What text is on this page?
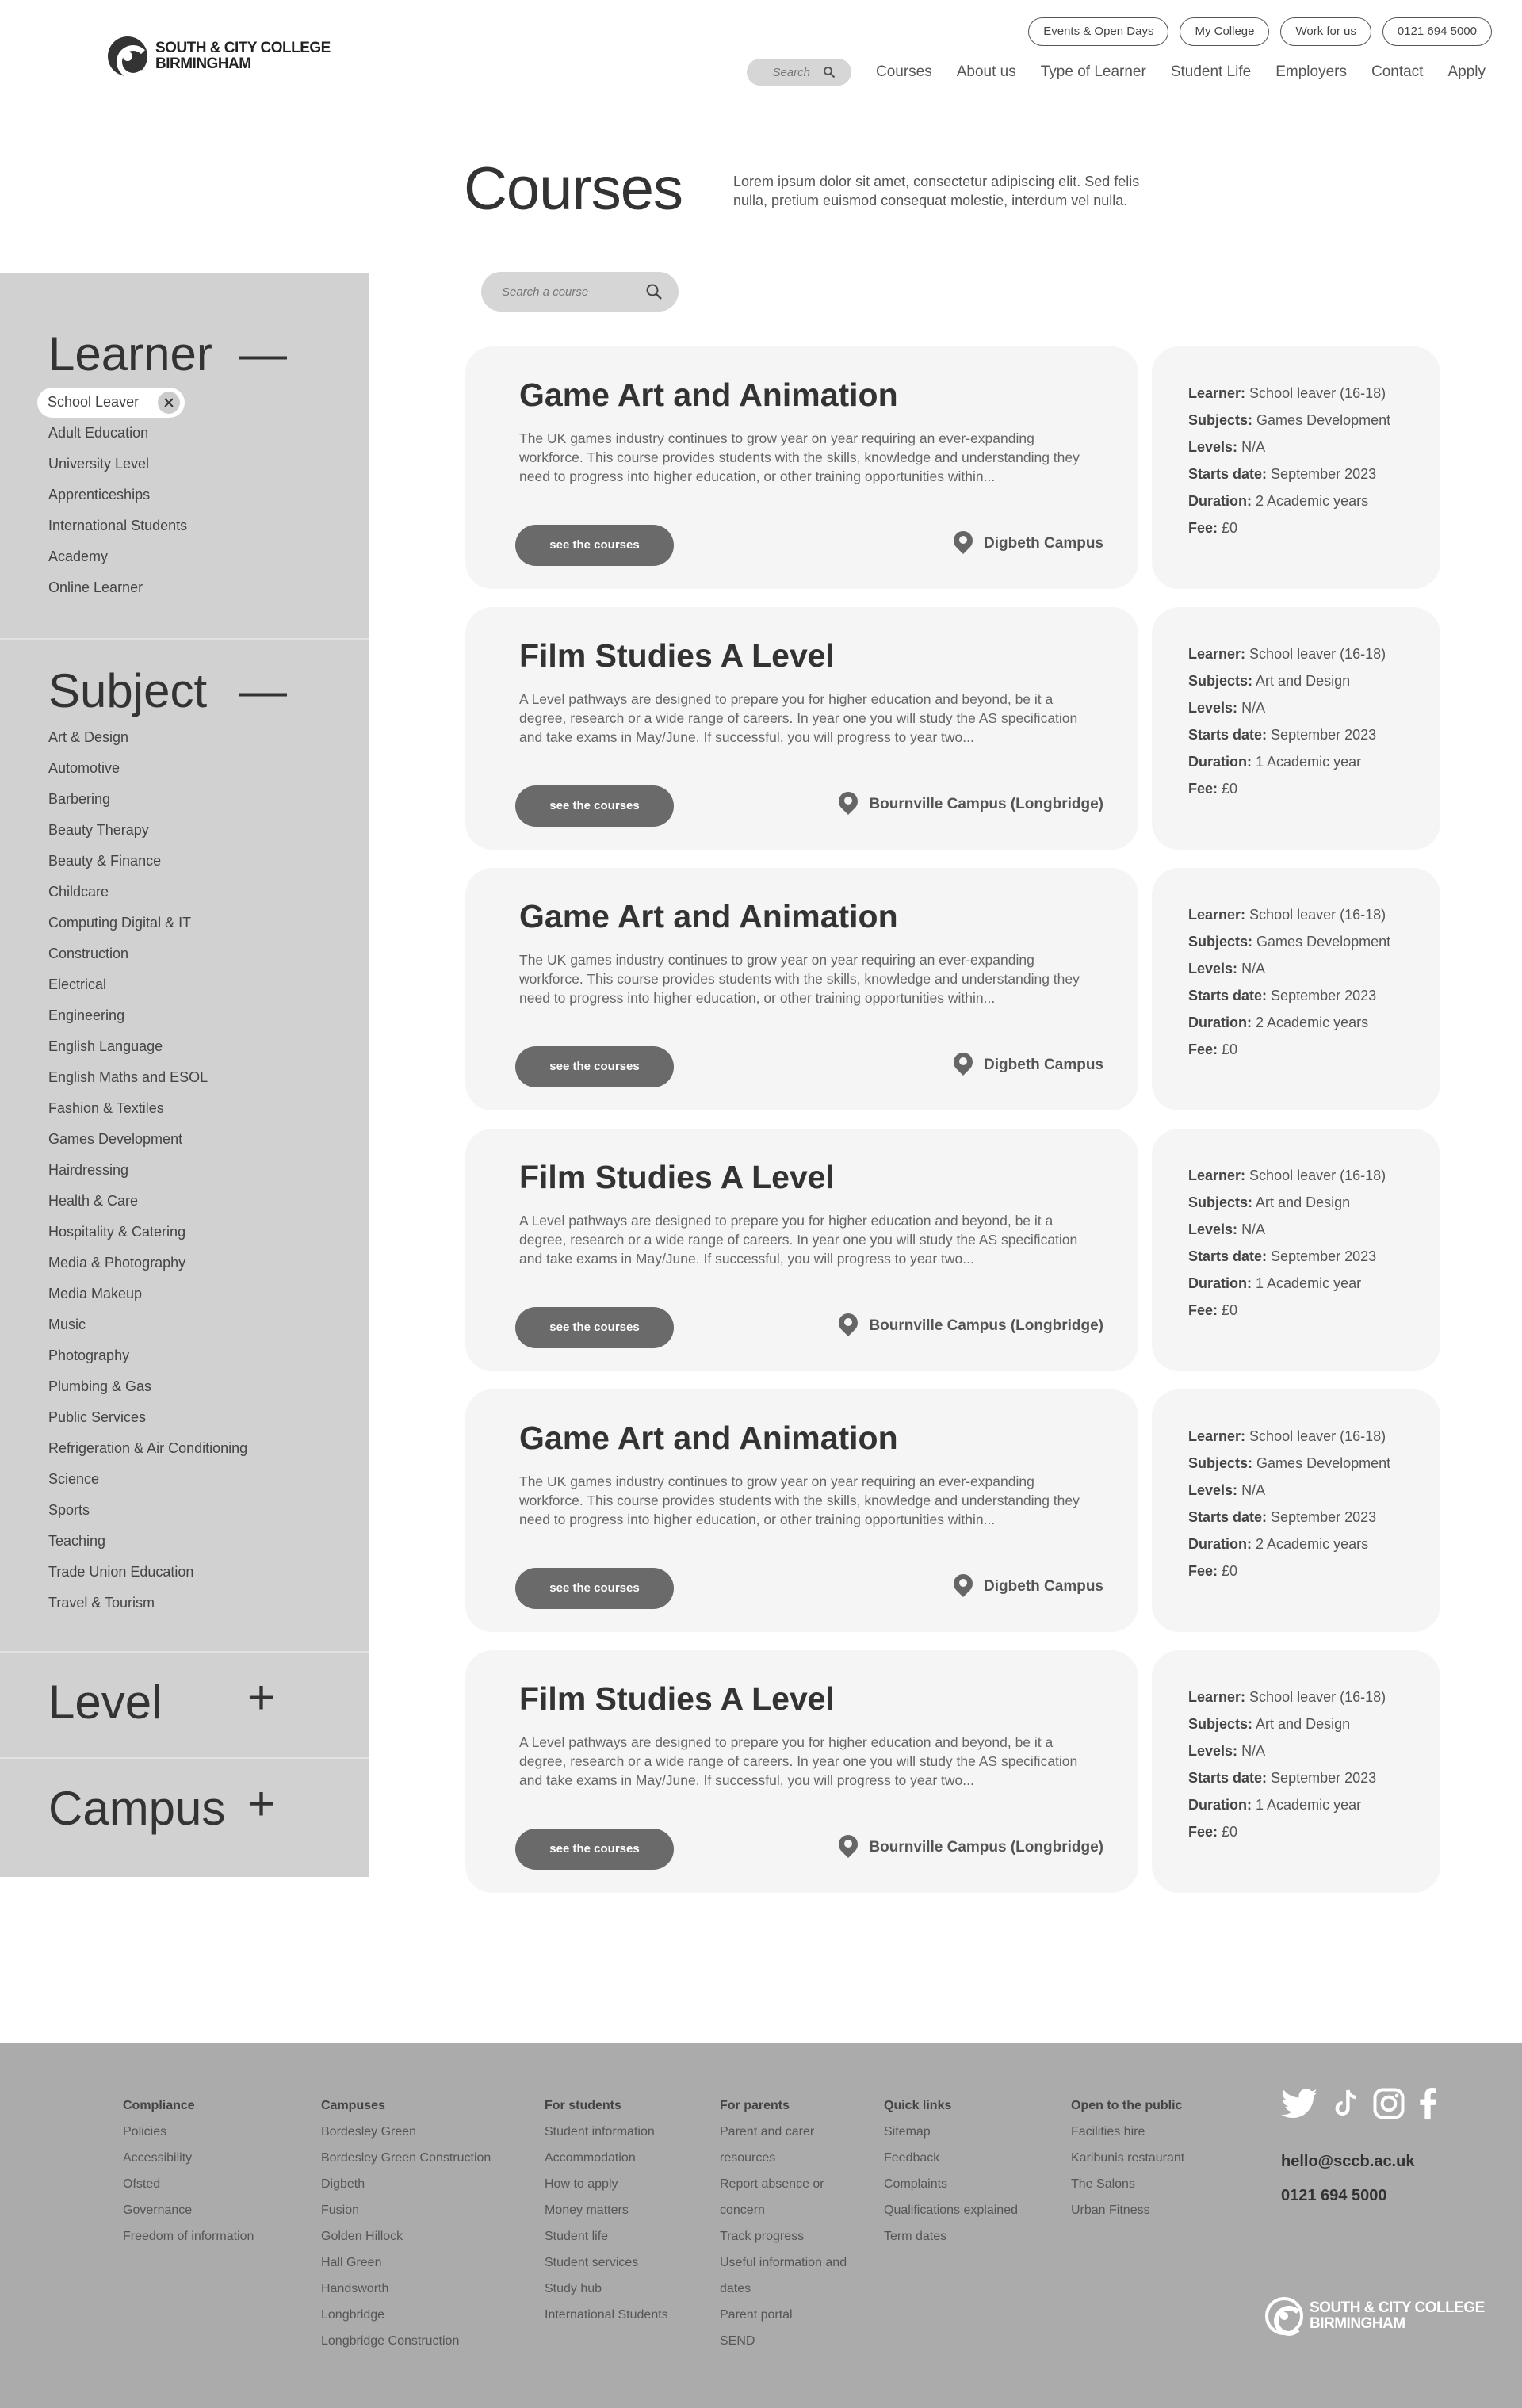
SOUTH & CITY COLLEGE
BIRMINGHAM
Events & Open Days	My College	Work for us	0121 694 5000
Search	Courses About us Type of Learner Student Life Employers Contact Apply
Courses	Lorem ipsum dolor sit amet, consectetur adipiscing elit. Sed felis nulla, pretium euismod consequat molestie, interdum vel nulla.

Learner —
School Leaver
Adult Education
University Level
Apprenticeships
International Students
Academy
Online Learner
Subject —
Art & Design
Automotive
Barbering
Beauty Therapy
Beauty & Finance
Childcare
Computing Digital & IT
Construction
Electrical
Engineering
English Language
English Maths and ESOL
Fashion & Textiles
Games Development
Hairdressing
Health & Care
Hospitality & Catering
Media & Photography
Media Makeup
Music
Photography
Plumbing & Gas
Public Services
Refrigeration & Air Conditioning
Science
Sports
Teaching
Trade Union Education
Travel & Tourism
Level +
Campus +
Search a course
Game Art and Animation

The UK games industry continues to grow year on year requiring an ever-expanding workforce. This course provides students with the skills, knowledge and understanding they need to progress into higher education, or other training opportunities within...

see the courses	Digbeth Campus
Learner: School leaver (16-18)
Subjects: Games Development
Levels: N/A
Starts date: September 2023
Duration: 2 Academic years
Fee: £0
Film Studies A Level

A Level pathways are designed to prepare you for higher education and beyond, be it a degree, research or a wide range of careers. In year one you will study the AS specification and take exams in May/June. If successful, you will progress to year two...

see the courses	Bournville Campus (Longbridge)
Learner: School leaver (16-18)
Subjects: Art and Design
Levels: N/A
Starts date: September 2023
Duration: 1 Academic year
Fee: £0
Game Art and Animation

The UK games industry continues to grow year on year requiring an ever-expanding workforce. This course provides students with the skills, knowledge and understanding they need to progress into higher education, or other training opportunities within...

see the courses	Digbeth Campus
Learner: School leaver (16-18)
Subjects: Games Development
Levels: N/A
Starts date: September 2023
Duration: 2 Academic years
Fee: £0
Film Studies A Level

A Level pathways are designed to prepare you for higher education and beyond, be it a degree, research or a wide range of careers. In year one you will study the AS specification and take exams in May/June. If successful, you will progress to year two...

see the courses	Bournville Campus (Longbridge)
Learner: School leaver (16-18)
Subjects: Art and Design
Levels: N/A
Starts date: September 2023
Duration: 1 Academic year
Fee: £0
Game Art and Animation

The UK games industry continues to grow year on year requiring an ever-expanding workforce. This course provides students with the skills, knowledge and understanding they need to progress into higher education, or other training opportunities within...

see the courses	Digbeth Campus
Learner: School leaver (16-18)
Subjects: Games Development
Levels: N/A
Starts date: September 2023
Duration: 2 Academic years
Fee: £0
Film Studies A Level

A Level pathways are designed to prepare you for higher education and beyond, be it a degree, research or a wide range of careers. In year one you will study the AS specification and take exams in May/June. If successful, you will progress to year two...

see the courses	Bournville Campus (Longbridge)
Learner: School leaver (16-18)
Subjects: Art and Design
Levels: N/A
Starts date: September 2023
Duration: 1 Academic year
Fee: £0
Compliance
Policies
Accessibility
Ofsted
Governance
Freedom of information
Campuses
Bordesley Green
Bordesley Green Construction
Digbeth
Fusion
Golden Hillock
Hall Green
Handsworth
Longbridge
Longbridge Construction
For students
Student information
Accommodation
How to apply
Money matters
Student life
Student services
Study hub
International Students
For parents
Parent and carer
resources
Report absence or
concern
Track progress
Useful information and
dates
Parent portal
SEND
Quick links
Sitemap
Feedback
Complaints
Qualifications explained
Term dates
Open to the public
Facilities hire
Karibunis restaurant
The Salons
Urban Fitness
hello@sccb.ac.uk
0121 694 5000
SOUTH & CITY COLLEGE
BIRMINGHAM
